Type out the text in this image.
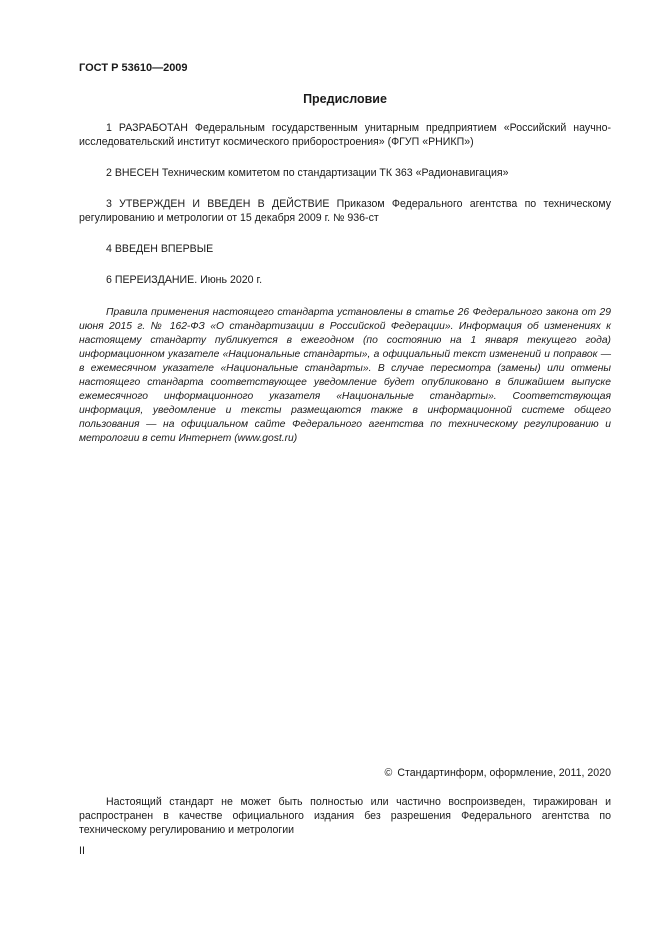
ГОСТ Р 53610—2009
Предисловие

1 РАЗРАБОТАН Федеральным государственным унитарным предприятием «Российский научно-исследовательский институт космического приборостроения» (ФГУП «РНИКП»)

2 ВНЕСЕН Техническим комитетом по стандартизации ТК 363 «Радионавигация»

3 УТВЕРЖДЕН И ВВЕДЕН В ДЕЙСТВИЕ Приказом Федерального агентства по техническому регулированию и метрологии от 15 декабря 2009 г. № 936-ст

4 ВВЕДЕН ВПЕРВЫЕ

6 ПЕРЕИЗДАНИЕ. Июнь 2020 г.

Правила применения настоящего стандарта установлены в статье 26 Федерального закона от 29 июня 2015 г. № 162-ФЗ «О стандартизации в Российской Федерации». Информация об изменениях к настоящему стандарту публикуется в ежегодном (по состоянию на 1 января текущего года) информационном указателе «Национальные стандарты», а официальный текст изменений и поправок — в ежемесячном указателе «Национальные стандарты». В случае пересмотра (замены) или отмены настоящего стандарта соответствующее уведомление будет опубликовано в ближайшем выпуске ежемесячного информационного указателя «Национальные стандарты». Соответствующая информация, уведомление и тексты размещаются также в информационной системе общего пользования — на официальном сайте Федерального агентства по техническому регулированию и метрологии в сети Интернет (www.gost.ru)
© Стандартинформ, оформление, 2011, 2020
Настоящий стандарт не может быть полностью или частично воспроизведен, тиражирован и распространен в качестве официального издания без разрешения Федерального агентства по техническому регулированию и метрологии
II
